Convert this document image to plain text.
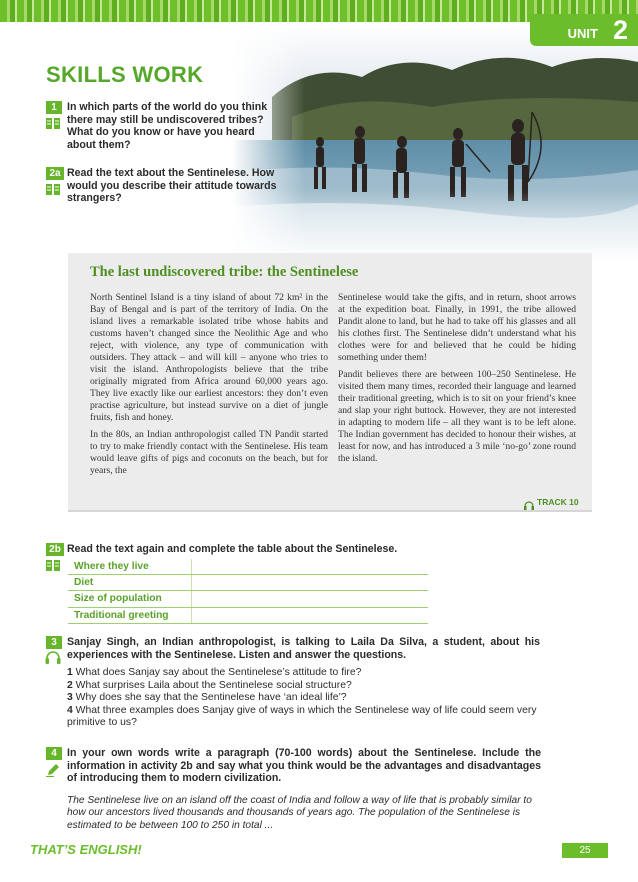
UNIT 2
SKILLS WORK
1 In which parts of the world do you think there may still be undiscovered tribes? What do you know or have you heard about them?
2a Read the text about the Sentinelese. How would you describe their attitude towards strangers?
The last undiscovered tribe: the Sentinelese

North Sentinel Island is a tiny island of about 72 km² in the Bay of Bengal and is part of the territory of India. On the island lives a remarkable isolated tribe whose habits and customs haven’t changed since the Neolithic Age and who reject, with violence, any type of communication with outsiders. They attack – and will kill – anyone who tries to visit the island. Anthropologists believe that the tribe originally migrated from Africa around 60,000 years ago. They live exactly like our earliest ancestors: they don’t even practise agriculture, but instead survive on a diet of jungle fruits, fish and honey.

In the 80s, an Indian anthropologist called TN Pandit started to try to make friendly contact with the Sentinelese. His team would leave gifts of pigs and coconuts on the beach, but for years, the

Sentinelese would take the gifts, and in return, shoot arrows at the expedition boat. Finally, in 1991, the tribe allowed Pandit alone to land, but he had to take off his glasses and all his clothes first. The Sentinelese didn’t understand what his clothes were for and believed that he could be hiding something under them!

Pandit believes there are between 100–250 Sentinelese. He visited them many times, recorded their language and learned their traditional greeting, which is to sit on your friend’s knee and slap your right buttock. However, they are not interested in adapting to modern life – all they want is to be left alone. The Indian government has decided to honour their wishes, at least for now, and has introduced a 3 mile ‘no-go’ zone round the island.

TRACK 10
2b Read the text again and complete the table about the Sentinelese.
Where they live	
Diet	
Size of population	
Traditional greeting	
3 Sanjay Singh, an Indian anthropologist, is talking to Laila Da Silva, a student, about his experiences with the Sentinelese. Listen and answer the questions.
1 What does Sanjay say about the Sentinelese’s attitude to fire?
2 What surprises Laila about the Sentinelese social structure?
3 Why does she say that the Sentinelese have ‘an ideal life’?
4 What three examples does Sanjay give of ways in which the Sentinelese way of life could seem very primitive to us?
4 In your own words write a paragraph (70-100 words) about the Sentinelese. Include the information in activity 2b and say what you think would be the advantages and disadvantages of introducing them to modern civilization.
The Sentinelese live on an island off the coast of India and follow a way of life that is probably similar to how our ancestors lived thousands and thousands of years ago. The population of the Sentinelese is estimated to be between 100 to 250 in total ...
THAT’S ENGLISH!	25
